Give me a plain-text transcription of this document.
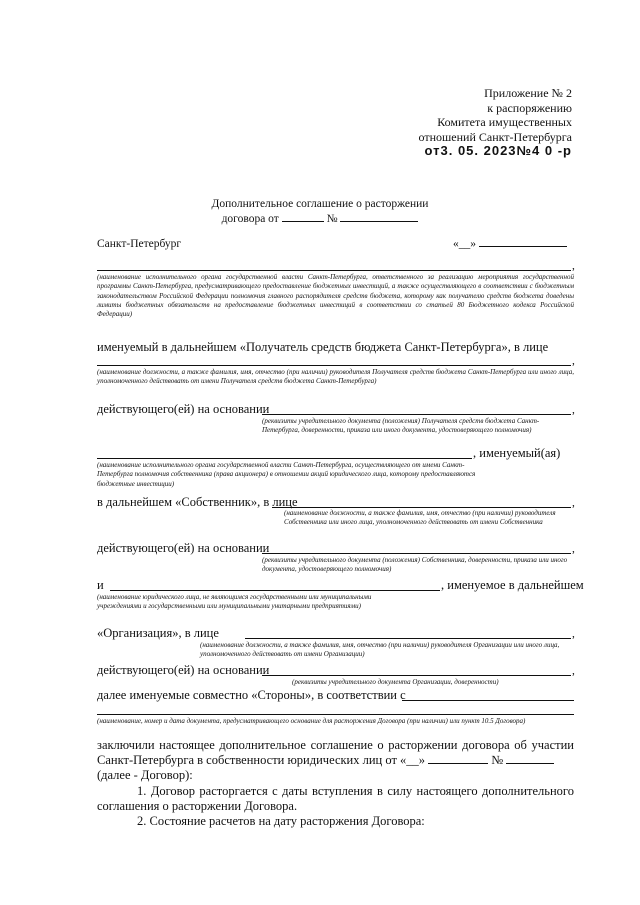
Приложение № 2
к распоряжению
Комитета имущественных
отношений Санкт-Петербурга
от3. 05. 2023№4 0 -р
Дополнительное соглашение о расторжении
договора от	№
Санкт-Петербург	«__»
,
(наименование исполнительного органа государственной власти Санкт-Петербурга, ответственного за реализацию мероприятия государственной программы Санкт-Петербурга, предусматривающего предоставление бюджетных инвестиций, а также осуществляющего в соответствии с бюджетным законодательством Российской Федерации полномочия главного распорядителя средств бюджета, которому как получателю средств бюджета доведены лимиты бюджетных обязательств на предоставление бюджетных инвестиций в соответствии со статьей 80 Бюджетного кодекса Российской Федерации)
именуемый в дальнейшем «Получатель средств бюджета Санкт-Петербурга», в лице
,
(наименование должности, а также фамилия, имя, отчество (при наличии) руководителя Получателя средств бюджета Санкт-Петербурга или иного лица, уполномоченного действовать от имени Получателя средств бюджета Санкт-Петербурга)
действующего(ей) на основании	,
(реквизиты учредительного документа (положения) Получателя средств бюджета Санкт-Петербурга, доверенности, приказа или иного документа, удостоверяющего полномочия)
, именуемый(ая)
(наименование исполнительного органа государственной власти Санкт-Петербурга, осуществляющего от имени Санкт-Петербурга полномочия собственника (права акционера) в отношении акций юридического лица, которому предоставляются бюджетные инвестиции)
в дальнейшем «Собственник», в лице	,
(наименование должности, а также фамилия, имя, отчество (при наличии) руководителя Собственника или иного лица, уполномоченного действовать от имени Собственника
действующего(ей) на основании	,
(реквизиты учредительного документа (положения) Собственника, доверенности, приказа или иного документа, удостоверяющего полномочия)
и	, именуемое в дальнейшем
(наименование юридического лица, не являющимся государственными или муниципальными учреждениями и государственными или муниципальными унитарными предприятиями)
«Организация», в лице	,
(наименование должности, а также фамилия, имя, отчество (при наличии) руководителя Организации или иного лица, уполномоченного действовать от имени Организации)
действующего(ей) на основании	,
(реквизиты учредительного документа Организации, доверенности)
далее именуемые совместно «Стороны», в соответствии с
(наименование, номер и дата документа, предусматривающего основание для расторжения Договора (при наличии) или пункт 10.5 Договора)
заключили настоящее дополнительное соглашение о расторжении договора об участии Санкт-Петербурга в собственности юридических лиц от «__»	№
(далее - Договор):
1. Договор расторгается с даты вступления в силу настоящего дополнительного соглашения о расторжении Договора.
2. Состояние расчетов на дату расторжения Договора:
